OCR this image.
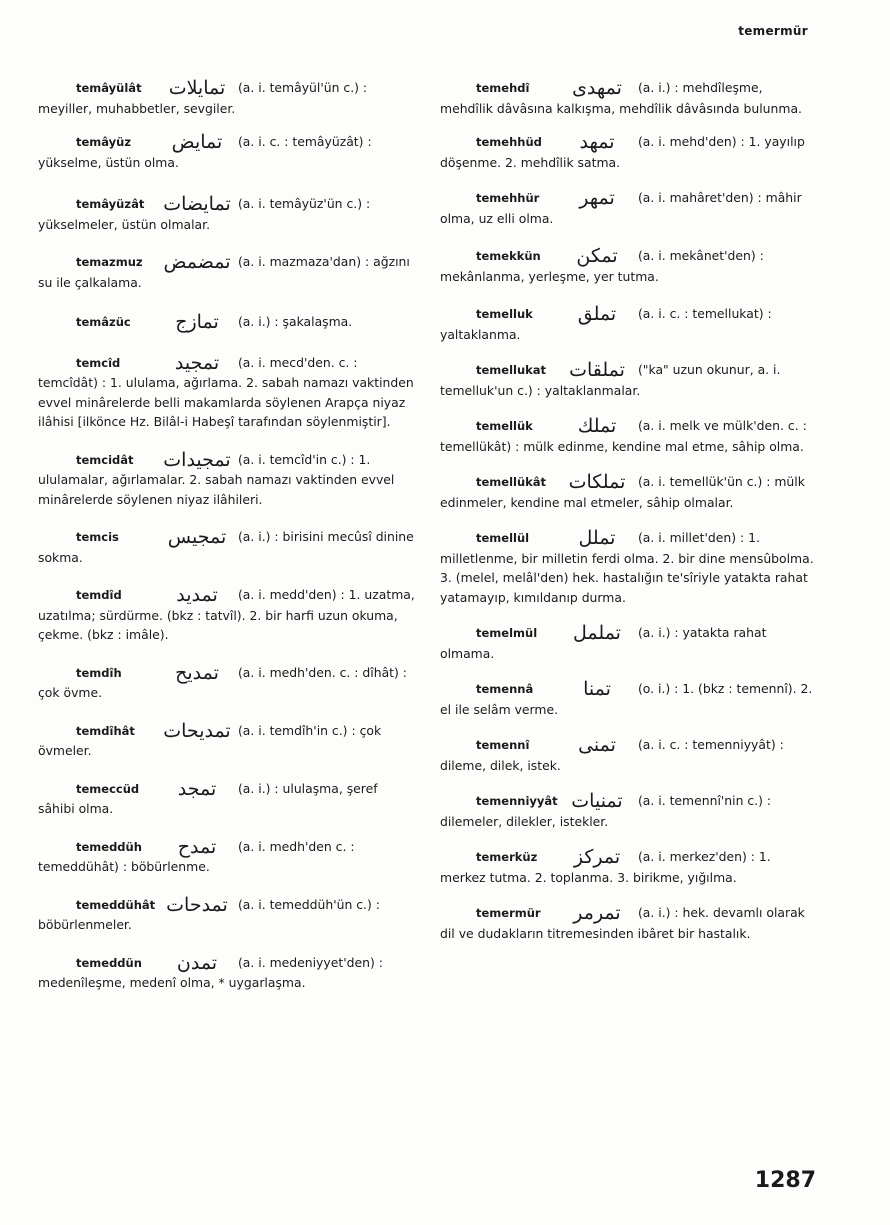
temermür

temâyülât تمايلات (a. i. temâyül'ün c.) : meyiller, muhabbetler, sevgiler.

temâyüz تمايض (a. i. c. : temâyüzât) : yükselme, üstün olma.

temâyüzât تمايضات (a. i. temâyüz'ün c.) : yükselmeler, üstün olmalar.

temazmuz تمضمض (a. i. mazmaza'dan) : ağzını su ile çalkalama.

temâzüc تمازج (a. i.) : şakalaşma.

temcîd	تمجيد (a. i. mecd'den. c. : temcîdât) : 1. ululama, ağırlama. 2. sabah namazı vaktinden evvel minârelerde belli makamlarda söylenen Arapça niyaz ilâhisi [ilkönce Hz. Bilâl-i Habeşî tarafından söylenmiştir].

temcidât تمجيدات (a. i. temcîd'in c.) : 1. ululamalar, ağırlamalar. 2. sabah namazı vaktinden evvel minârelerde söylenen niyaz ilâhileri.

temcis	تمجيس (a. i.) : birisini mecûsî dinine sokma.

temdîd	تمديد (a. i. medd'den) : 1. uzatma, uzatılma; sürdürme. (bkz : tatvîl). 2. bir harfi uzun okuma, çekme. (bkz : imâle).

temdîh	تمديح (a. i. medh'den. c. : dîhât) : çok övme.

temdîhât تمديحات (a. i. temdîh'in c.) : çok övmeler.

temeccüd تمجد (a. i.) : ululaşma, şeref sâhibi olma.

temeddüh تمدح (a. i. medh'den c. : temeddühât) : böbürlenme.

temeddühât تمدحات (a. i. temeddüh'ün c.) : böbürlenmeler.

temeddün تمدن (a. i. medeniyyet'den) : medenîleşme, medenî olma, * uygarlaşma.

temehdî تمهدى (a. i.) : mehdîleşme, mehdîlik dâvâsına kalkışma, mehdîlik dâvâsında bulunma.

temehhüd تمهد (a. i. mehd'den) : 1. yayılıp döşenme. 2. mehdîlik satma.

temehhür تمهر (a. i. mahâret'den) : mâhir olma, uz elli olma.

temekkün تمكن (a. i. mekânet'den) : mekânlanma, yerleşme, yer tutma.

temelluk تملق (a. i. c. : temellukat) : yaltaklanma.

temellukat تملقات ("ka" uzun okunur, a. i. temelluk'un c.) : yaltaklanmalar.

temellük تملك (a. i. melk ve mülk'den. c. : temellükât) : mülk edinme, kendine mal etme, sâhip olma.

temellükât تملكات (a. i. temellük'ün c.) : mülk edinmeler, kendine mal etmeler, sâhip olmalar.

temellül	تملل (a. i. millet'den) : 1. milletlenme, bir milletin ferdi olma. 2. bir dine mensûbolma. 3. (melel, melâl'den) hek. hastalığın te'sîriyle yatakta rahat yatamayıp, kımıldanıp durma.

temelmül تململ (a. i.) : yatakta rahat olmama.

temennâ	تمنا (o. i.) : 1. (bkz : temennî). 2. el ile selâm verme.

temennî	تمنى (a. i. c. : temenniyyât) : dileme, dilek, istek.

temenniyyât تمنيات (a. i. temennî'nin c.) : dilemeler, dilekler, istekler.

temerküz تمركز (a. i. merkez'den) : 1. merkez tutma. 2. toplanma. 3. birikme, yığılma.

temermür تمرمر (a. i.) : hek. devamlı olarak dil ve dudakların titremesinden ibâret bir hastalık.

1287
